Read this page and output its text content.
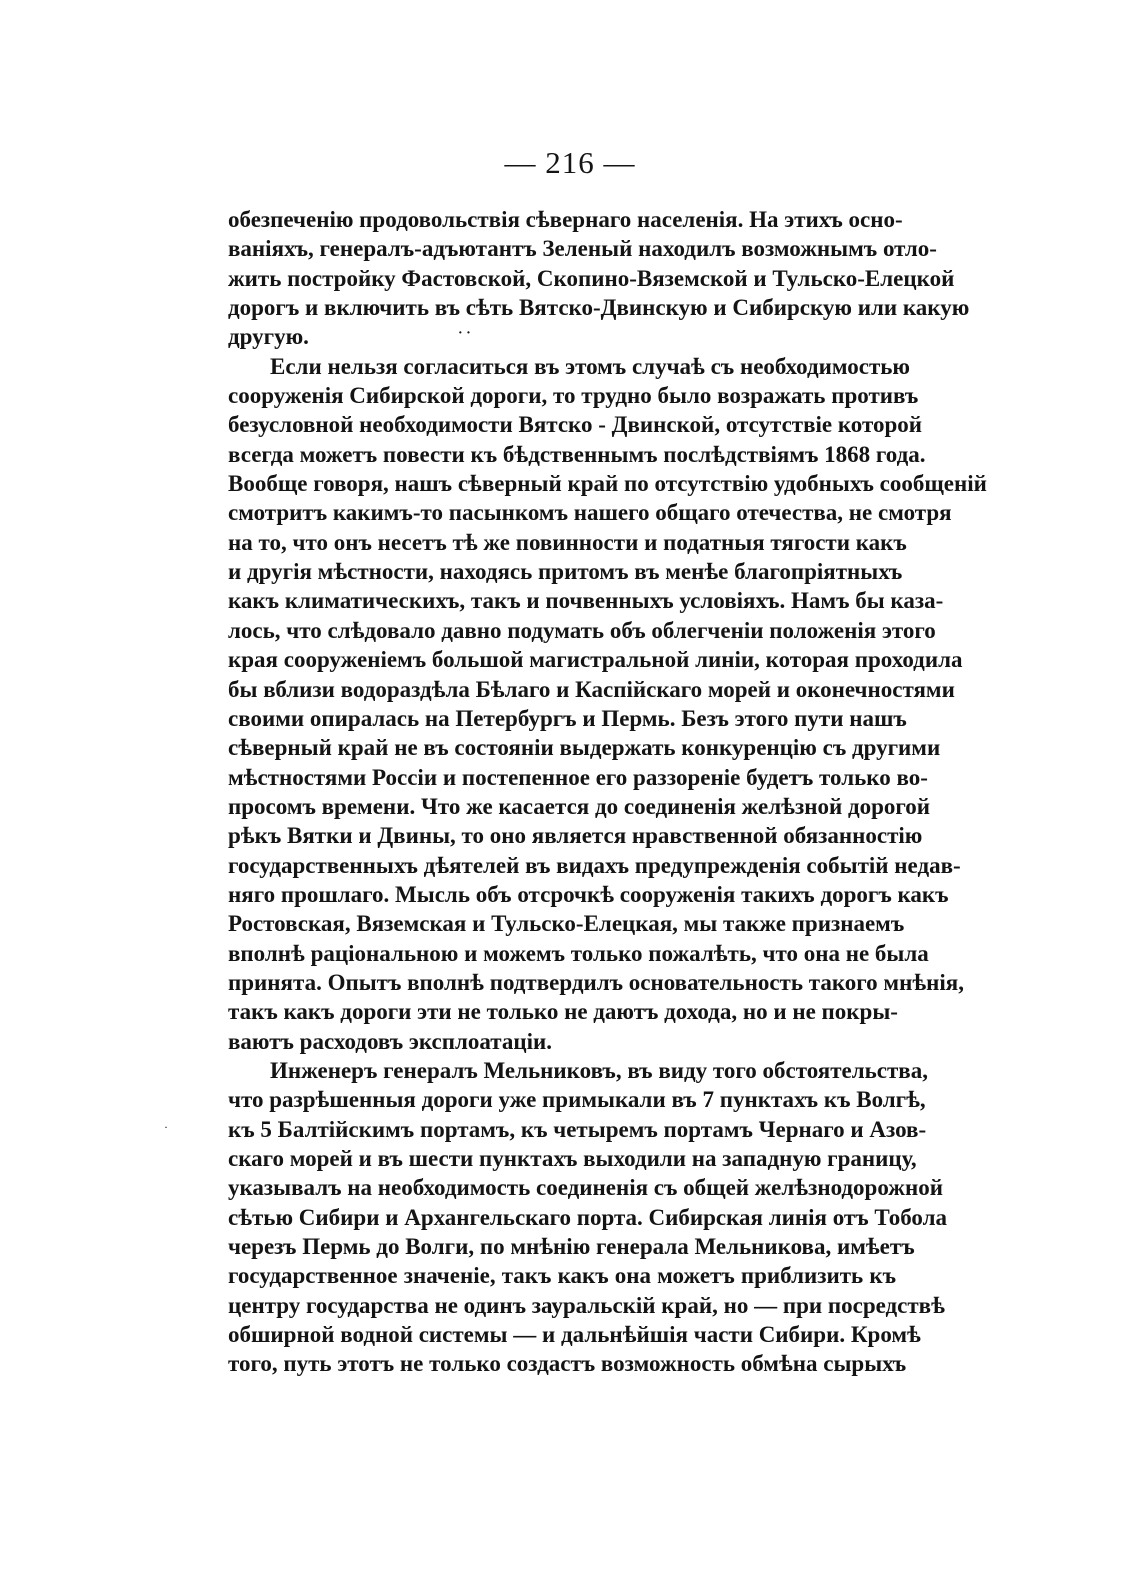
— 216 —
обезпеченію продовольствія сѣвернаго населенія. На этихъ осно-
ваніяхъ, генералъ-адъютантъ Зеленый находилъ возможнымъ отло-
жить постройку Фастовской, Скопино-Вяземской и Тульско-Елецкой
дорогъ и включить въ сѣть Вятско-Двинскую и Сибирскую или какую
другую.
Если нельзя согласиться въ этомъ случаѣ съ необходимостью
сооруженія Сибирской дороги, то трудно было возражать противъ
безусловной необходимости Вятско - Двинской, отсутствіе которой
всегда можетъ повести къ бѣдственнымъ послѣдствіямъ 1868 года.
Вообще говоря, нашъ сѣверный край по отсутствію удобныхъ сообщеній
смотритъ какимъ-то пасынкомъ нашего общаго отечества, не смотря
на то, что онъ несетъ тѣ же повинности и податныя тягости какъ
и другія мѣстности, находясь притомъ въ менѣе благопріятныхъ
какъ климатическихъ, такъ и почвенныхъ условіяхъ. Намъ бы каза-
лось, что слѣдовало давно подумать объ облегченіи положенія этого
края сооруженіемъ большой магистральной линіи, которая проходила
бы вблизи водораздѣла Бѣлаго и Каспійскаго морей и оконечностями
своими опиралась на Петербургъ и Пермь. Безъ этого пути нашъ
сѣверный край не въ состояніи выдержать конкуренцію съ другими
мѣстностями Россіи и постепенное его раззореніе будетъ только во-
просомъ времени. Что же касается до соединенія желѣзной дорогой
рѣкъ Вятки и Двины, то оно является нравственной обязанностію
государственныхъ дѣятелей въ видахъ предупрежденія событій недав-
няго прошлаго. Мысль объ отсрочкѣ сооруженія такихъ дорогъ какъ
Ростовская, Вяземская и Тульско-Елецкая, мы также признаемъ
вполнѣ раціональною и можемъ только пожалѣть, что она не была
принята. Опытъ вполнѣ подтвердилъ основательность такого мнѣнія,
такъ какъ дороги эти не только не даютъ дохода, но и не покры-
ваютъ расходовъ эксплоатаціи.
Инженеръ генералъ Мельниковъ, въ виду того обстоятельства,
что разрѣшенныя дороги уже примыкали въ 7 пунктахъ къ Волгѣ,
къ 5 Балтійскимъ портамъ, къ четыремъ портамъ Чернаго и Азов-
скаго морей и въ шести пунктахъ выходили на западную границу,
указывалъ на необходимость соединенія съ общей желѣзнодорожной
сѣтью Сибири и Архангельскаго порта. Сибирская линія отъ Тобола
черезъ Пермь до Волги, по мнѣнію генерала Мельникова, имѣетъ
государственное значеніе, такъ какъ она можетъ приблизить къ
центру государства не одинъ зауральскій край, но — при посредствѣ
обширной водной системы — и дальнѣйшія части Сибири. Кромѣ
того, путь этотъ не только создастъ возможность обмѣна сырыхъ
· ·
·
